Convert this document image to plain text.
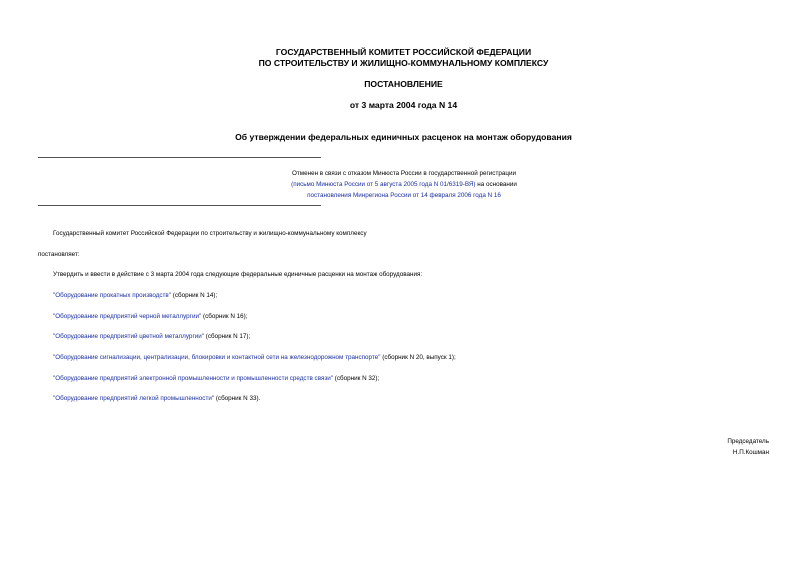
ГОСУДАРСТВЕННЫЙ КОМИТЕТ РОССИЙСКОЙ ФЕДЕРАЦИИ
ПО СТРОИТЕЛЬСТВУ И ЖИЛИЩНО-КОММУНАЛЬНОМУ КОМПЛЕКСУ
ПОСТАНОВЛЕНИЕ
от 3 марта 2004 года N 14
Об утверждении федеральных единичных расценок на монтаж оборудования
Отменен в связи с отказом Минюста России в государственной регистрации
(письмо Минюста России от 5 августа 2005 года N 01/6319-ВЯ) на основании
постановления Минрегиона России от 14 февраля 2006 года N 16
Государственный комитет Российской Федерации по строительству и жилищно-коммунальному комплексу
постановляет:
Утвердить и ввести в действие с 3 марта 2004 года следующие федеральные единичные расценки на монтаж оборудования:
"Оборудование прокатных производств" (сборник N 14);
"Оборудование предприятий черной металлургии" (сборник N 16);
"Оборудование предприятий цветной металлургии" (сборник N 17);
"Оборудование сигнализации, централизации, блокировки и контактной сети на железнодорожном транспорте" (сборник N 20, выпуск 1);
"Оборудование предприятий электронной промышленности и промышленности средств связи" (сборник N 32);
"Оборудование предприятий легкой промышленности" (сборник N 33).
Председатель
Н.П.Кошман
